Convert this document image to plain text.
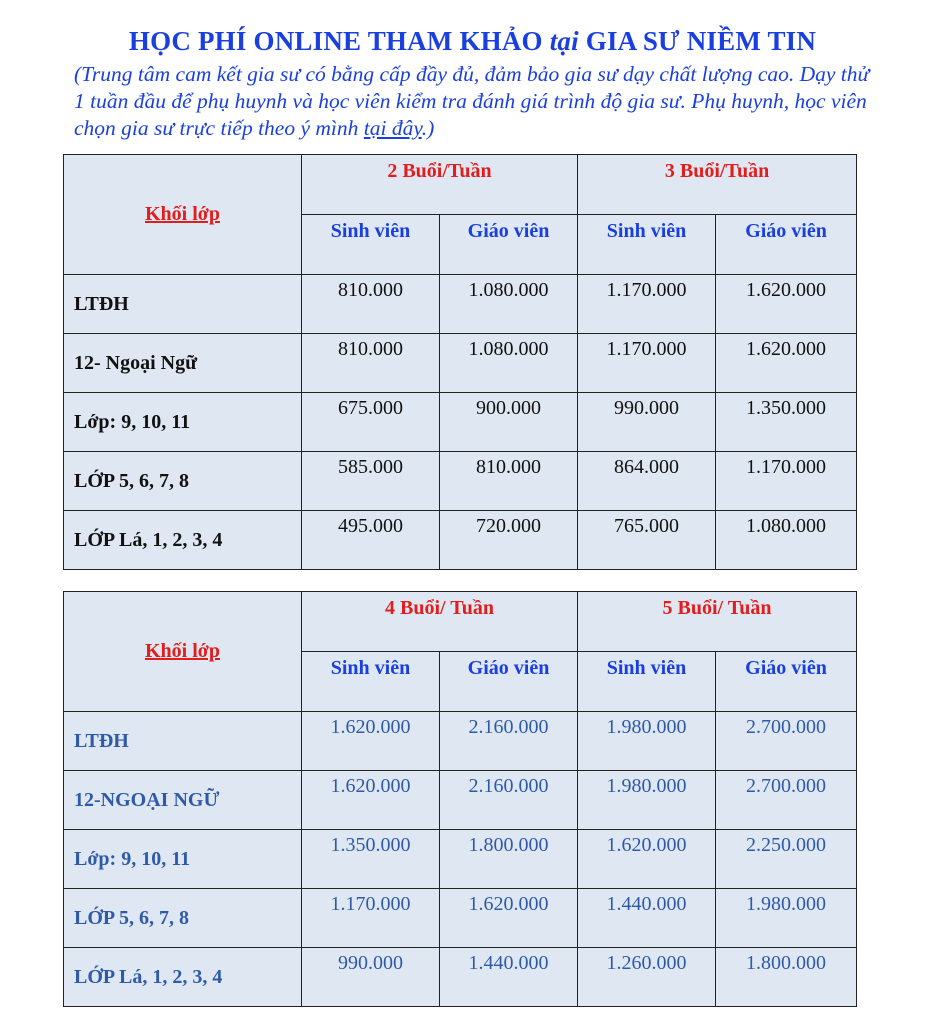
HỌC PHÍ ONLINE THAM KHẢO tại GIA SƯ NIỀM TIN
(Trung tâm cam kết gia sư có bằng cấp đầy đủ, đảm bảo gia sư dạy chất lượng cao. Dạy thử 1 tuần đầu để phụ huynh và học viên kiểm tra đánh giá trình độ gia sư. Phụ huynh, học viên chọn gia sư trực tiếp theo ý mình tại đây.)
Khối lớp	2 Buổi/Tuần		3 Buổi/Tuần	
	Sinh viên	Giáo viên	Sinh viên	Giáo viên
LTĐH	810.000	1.080.000	1.170.000	1.620.000
12- Ngoại Ngữ	810.000	1.080.000	1.170.000	1.620.000
Lớp: 9, 10, 11	675.000	900.000	990.000	1.350.000
LỚP 5, 6, 7, 8	585.000	810.000	864.000	1.170.000
LỚP Lá, 1, 2, 3, 4	495.000	720.000	765.000	1.080.000
Khối lớp	4 Buổi/ Tuần		5 Buổi/ Tuần	
	Sinh viên	Giáo viên	Sinh viên	Giáo viên
LTĐH	1.620.000	2.160.000	1.980.000	2.700.000
12-NGOẠI NGỮ	1.620.000	2.160.000	1.980.000	2.700.000
Lớp: 9, 10, 11	1.350.000	1.800.000	1.620.000	2.250.000
LỚP 5, 6, 7, 8	1.170.000	1.620.000	1.440.000	1.980.000
LỚP Lá, 1, 2, 3, 4	990.000	1.440.000	1.260.000	1.800.000
